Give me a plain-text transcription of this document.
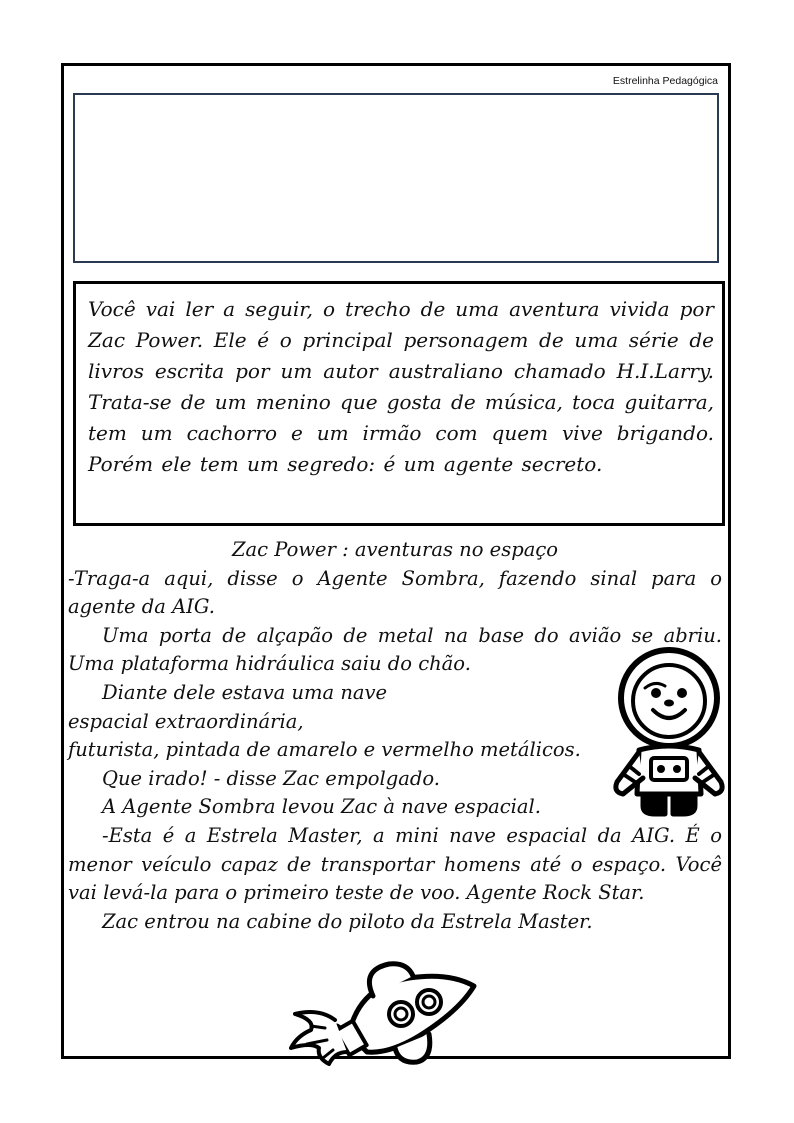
Estrelinha Pedagógica

Você vai ler a seguir, o trecho de uma aventura vivida por Zac Power. Ele é o principal personagem de uma série de livros escrita por um autor australiano chamado H.I.Larry. Trata-se de um menino que gosta de música, toca guitarra, tem um cachorro e um irmão com quem vive brigando. Porém ele tem um segredo: é um agente secreto.

Zac Power : aventuras no espaço

-Traga-a aqui, disse o Agente Sombra, fazendo sinal para o agente da AIG.

Uma porta de alçapão de metal na base do avião se abriu. Uma plataforma hidráulica saiu do chão.

Diante dele estava uma nave

espacial extraordinária,

futurista, pintada de amarelo e vermelho metálicos.

Que irado! - disse Zac empolgado.

A Agente Sombra levou Zac à nave espacial.

-Esta é a Estrela Master, a mini nave espacial da AIG. É o menor veículo capaz de transportar homens até o espaço. Você vai levá-la para o primeiro teste de voo. Agente Rock Star.

Zac entrou na cabine do piloto da Estrela Master.
